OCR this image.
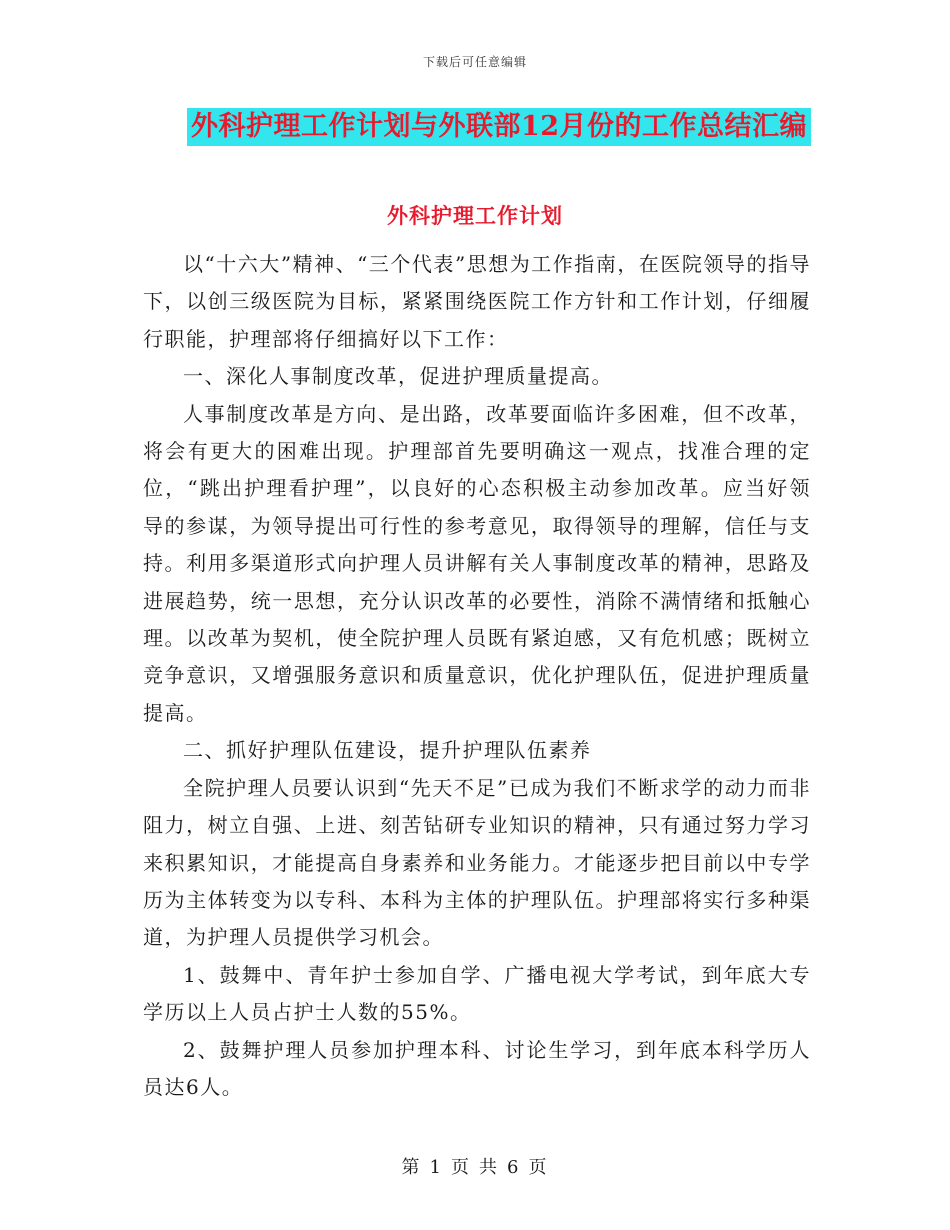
下载后可任意编辑
外科护理工作计划与外联部12月份的工作总结汇编
外科护理工作计划

以“十六大”精神、“三个代表”思想为工作指南，在医院领导的指导下，以创三级医院为目标，紧紧围绕医院工作方针和工作计划，仔细履行职能，护理部将仔细搞好以下工作：

一、深化人事制度改革，促进护理质量提高。

人事制度改革是方向、是出路，改革要面临许多困难，但不改革，将会有更大的困难出现。护理部首先要明确这一观点，找准合理的定位，“跳出护理看护理”，以良好的心态积极主动参加改革。应当好领导的参谋，为领导提出可行性的参考意见，取得领导的理解，信任与支持。利用多渠道形式向护理人员讲解有关人事制度改革的精神，思路及进展趋势，统一思想，充分认识改革的必要性，消除不满情绪和抵触心理。以改革为契机，使全院护理人员既有紧迫感，又有危机感；既树立竞争意识，又增强服务意识和质量意识，优化护理队伍，促进护理质量提高。

二、抓好护理队伍建设，提升护理队伍素养

全院护理人员要认识到“先天不足”已成为我们不断求学的动力而非阻力，树立自强、上进、刻苦钻研专业知识的精神，只有通过努力学习来积累知识，才能提高自身素养和业务能力。才能逐步把目前以中专学历为主体转变为以专科、本科为主体的护理队伍。护理部将实行多种渠道，为护理人员提供学习机会。

1、鼓舞中、青年护士参加自学、广播电视大学考试，到年底大专学历以上人员占护士人数的55%。

2、鼓舞护理人员参加护理本科、讨论生学习，到年底本科学历人员达6人。

第 1 页 共 6 页
